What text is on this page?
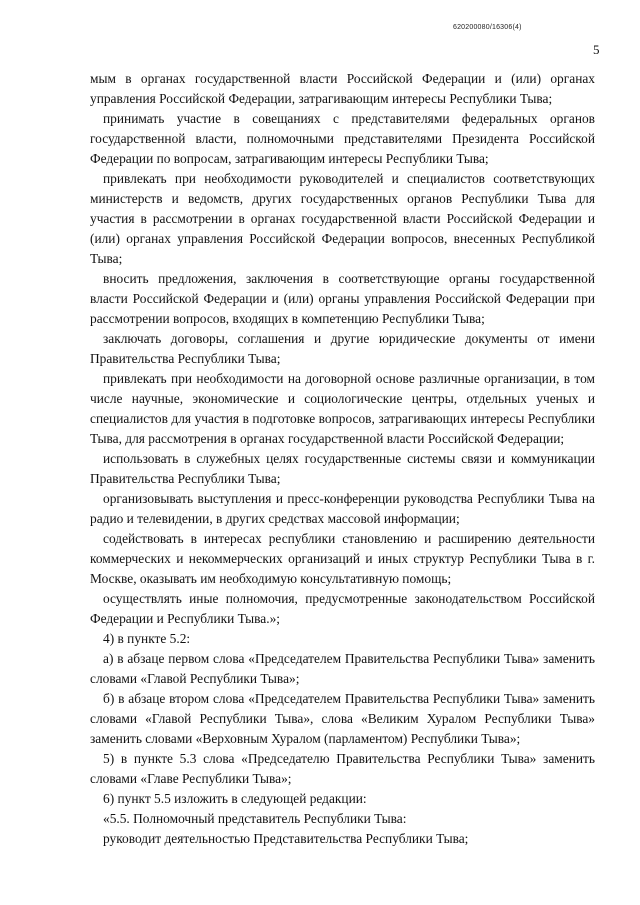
620200080/16306(4)
5

мым в органах государственной власти Российской Федерации и (или) органах управления Российской Федерации, затрагивающим интересы Республики Тыва;

принимать участие в совещаниях с представителями федеральных органов государственной власти, полномочными представителями Президента Российской Федерации по вопросам, затрагивающим интересы Республики Тыва;

привлекать при необходимости руководителей и специалистов соответствующих министерств и ведомств, других государственных органов Республики Тыва для участия в рассмотрении в органах государственной власти Российской Федерации и (или) органах управления Российской Федерации вопросов, внесенных Республикой Тыва;

вносить предложения, заключения в соответствующие органы государственной власти Российской Федерации и (или) органы управления Российской Федерации при рассмотрении вопросов, входящих в компетенцию Республики Тыва;

заключать договоры, соглашения и другие юридические документы от имени Правительства Республики Тыва;

привлекать при необходимости на договорной основе различные организации, в том числе научные, экономические и социологические центры, отдельных ученых и специалистов для участия в подготовке вопросов, затрагивающих интересы Республики Тыва, для рассмотрения в органах государственной власти Российской Федерации;

использовать в служебных целях государственные системы связи и коммуникации Правительства Республики Тыва;

организовывать выступления и пресс-конференции руководства Республики Тыва на радио и телевидении, в других средствах массовой информации;

содействовать в интересах республики становлению и расширению деятельности коммерческих и некоммерческих организаций и иных структур Республики Тыва в г. Москве, оказывать им необходимую консультативную помощь;

осуществлять иные полномочия, предусмотренные законодательством Российской Федерации и Республики Тыва.»;

4) в пункте 5.2:

а) в абзаце первом слова «Председателем Правительства Республики Тыва» заменить словами «Главой Республики Тыва»;

б) в абзаце втором слова «Председателем Правительства Республики Тыва» заменить словами «Главой Республики Тыва», слова «Великим Хуралом Республики Тыва» заменить словами «Верховным Хуралом (парламентом) Республики Тыва»;

5) в пункте 5.3 слова «Председателю Правительства Республики Тыва» заменить словами «Главе Республики Тыва»;

6) пункт 5.5 изложить в следующей редакции:

«5.5. Полномочный представитель Республики Тыва:

руководит деятельностью Представительства Республики Тыва;
